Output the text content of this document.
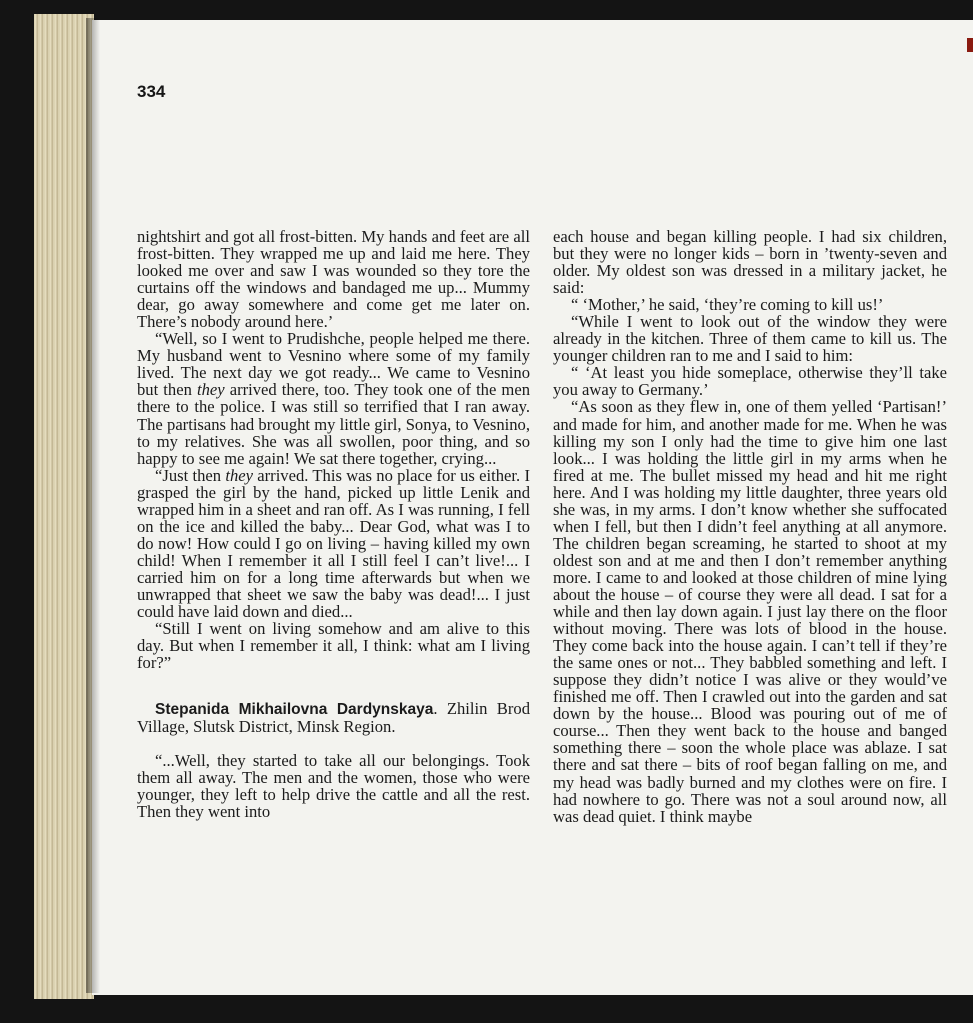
334

nightshirt and got all frost-bitten. My hands and feet are all frost-bitten. They wrapped me up and laid me here. They looked me over and saw I was wounded so they tore the curtains off the windows and bandaged me up... Mummy dear, go away somewhere and come get me later on. There’s nobody around here.’

“Well, so I went to Prudishche, people helped me there. My husband went to Vesnino where some of my family lived. The next day we got ready... We came to Vesnino but then they arrived there, too. They took one of the men there to the police. I was still so terrified that I ran away. The partisans had brought my little girl, Sonya, to Vesnino, to my relatives. She was all swollen, poor thing, and so happy to see me again! We sat there together, crying...

“Just then they arrived. This was no place for us either. I grasped the girl by the hand, picked up little Lenik and wrapped him in a sheet and ran off. As I was running, I fell on the ice and killed the baby... Dear God, what was I to do now! How could I go on living – having killed my own child! When I remember it all I still feel I can’t live!... I carried him on for a long time afterwards but when we unwrapped that sheet we saw the baby was dead!... I just could have laid down and died...

“Still I went on living somehow and am alive to this day. But when I remember it all, I think: what am I living for?”

Stepanida Mikhailovna Dardynskaya. Zhilin Brod Village, Slutsk District, Minsk Region.

“...Well, they started to take all our belongings. Took them all away. The men and the women, those who were younger, they left to help drive the cattle and all the rest. Then they went into

each house and began killing people. I had six children, but they were no longer kids – born in ’twenty-seven and older. My oldest son was dressed in a military jacket, he said:

“ ‘Mother,’ he said, ‘they’re coming to kill us!’

“While I went to look out of the window they were already in the kitchen. Three of them came to kill us. The younger children ran to me and I said to him:

“ ‘At least you hide someplace, otherwise they’ll take you away to Germany.’

“As soon as they flew in, one of them yelled ‘Partisan!’ and made for him, and another made for me. When he was killing my son I only had the time to give him one last look... I was holding the little girl in my arms when he fired at me. The bullet missed my head and hit me right here. And I was holding my little daughter, three years old she was, in my arms. I don’t know whether she suffocated when I fell, but then I didn’t feel anything at all anymore. The children began screaming, he started to shoot at my oldest son and at me and then I don’t remember anything more. I came to and looked at those children of mine lying about the house – of course they were all dead. I sat for a while and then lay down again. I just lay there on the floor without moving. There was lots of blood in the house. They come back into the house again. I can’t tell if they’re the same ones or not... They babbled something and left. I suppose they didn’t notice I was alive or they would’ve finished me off. Then I crawled out into the garden and sat down by the house... Blood was pouring out of me of course... Then they went back to the house and banged something there – soon the whole place was ablaze. I sat there and sat there – bits of roof began falling on me, and my head was badly burned and my clothes were on fire. I had nowhere to go. There was not a soul around now, all was dead quiet. I think maybe
